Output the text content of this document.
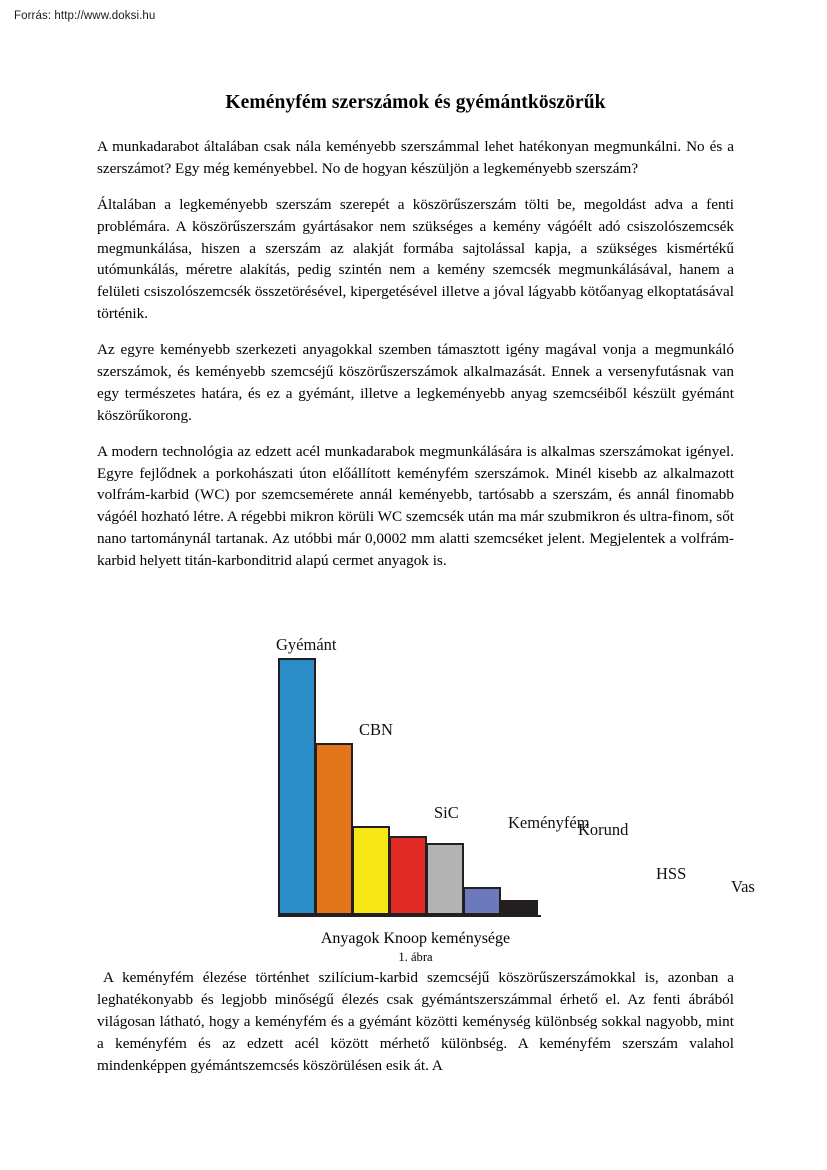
Forrás: http://www.doksi.hu
Keményfém szerszámok és gyémántköszörűk

A munkadarabot általában csak nála keményebb szerszámmal lehet hatékonyan megmunkálni. No és a szerszámot? Egy még keményebbel. No de hogyan készüljön a legkeményebb szerszám?

Általában a legkeményebb szerszám szerepét a köszörűszerszám tölti be, megoldást adva a fenti problémára. A köszörűszerszám gyártásakor nem szükséges a kemény vágóélt adó csiszolószemcsék megmunkálása, hiszen a szerszám az alakját formába sajtolással kapja, a szükséges kismértékű utómunkálás, méretre alakítás, pedig szintén nem a kemény szemcsék megmunkálásával, hanem a felületi csiszolószemcsék összetörésével, kipergetésével illetve a jóval lágyabb kötőanyag elkoptatásával történik.

Az egyre keményebb szerkezeti anyagokkal szemben támasztott igény magával vonja a megmunkáló szerszámok, és keményebb szemcséjű köszörűszerszámok alkalmazását. Ennek a versenyfutásnak van egy természetes határa, és ez a gyémánt, illetve a legkeményebb anyag szemcséiből készült gyémánt köszörűkorong.

A modern technológia az edzett acél munkadarabok megmunkálására is alkalmas szerszámokat igényel. Egyre fejlődnek a porkohászati úton előállított keményfém szerszámok. Minél kisebb az alkalmazott volfrám-karbid (WC) por szemcsemérete annál keményebb, tartósabb a szerszám, és annál finomabb vágóél hozható létre. A régebbi mikron körüli WC szemcsék után ma már szubmikron és ultra-finom, sőt nano tartománynál tartanak. Az utóbbi már 0,0002 mm alatti szemcséket jelent. Megjelentek a volfrám-karbid helyett titán-karbonditrid alapú cermet anyagok is.

Gyémánt
CBN
SiC
Keményfém
Korund
HSS
Vas
Anyagok Knoop keménysége
1. ábra

A keményfém élezése történhet szilícium-karbid szemcséjű köszörűszerszámokkal is, azonban a leghatékonyabb és legjobb minőségű élezés csak gyémántszerszámmal érhető el. Az fenti ábrából világosan látható, hogy a keményfém és a gyémánt közötti keménység különbség sokkal nagyobb, mint a keményfém és az edzett acél között mérhető különbség. A keményfém szerszám valahol mindenképpen gyémántszemcsés köszörülésen esik át. A
